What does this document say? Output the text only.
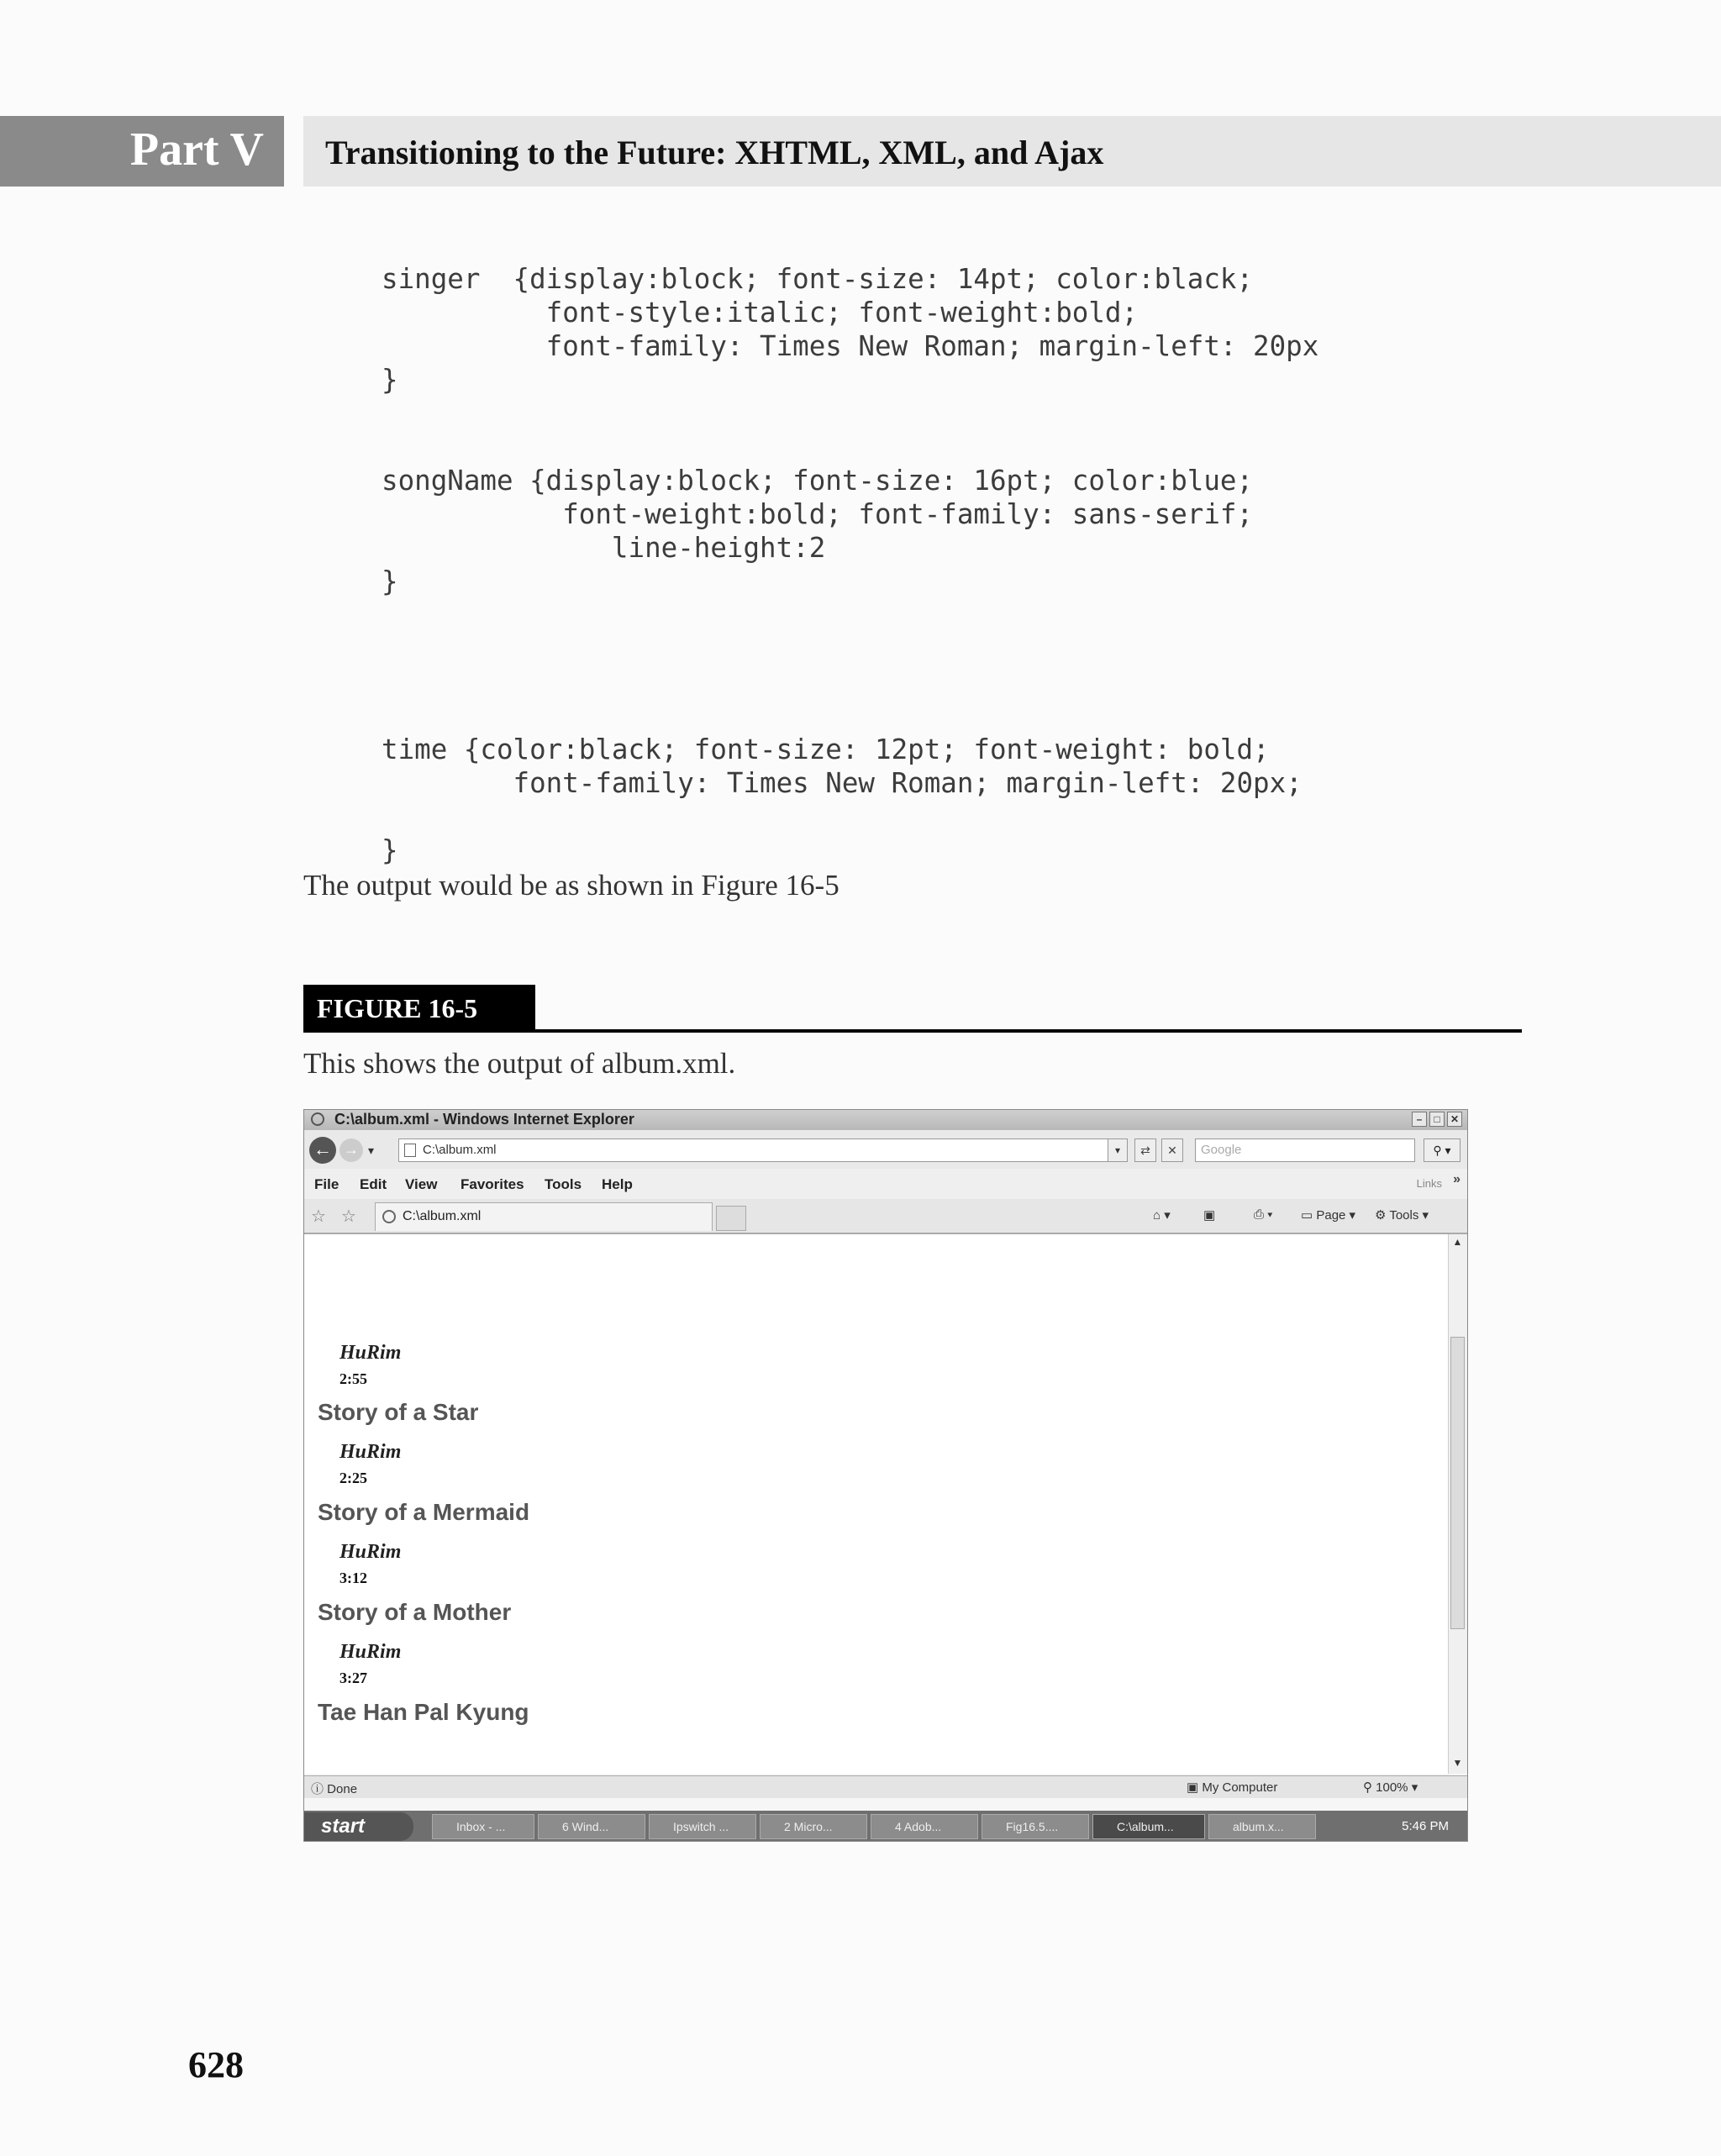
Part V Transitioning to the Future: XHTML, XML, and Ajax
singer  {display:block; font-size: 14pt; color:black;
font-style:italic; font-weight:bold;
font-family: Times New Roman; margin-left: 20px
}

songName {display:block; font-size: 16pt; color:blue;
font-weight:bold; font-family: sans-serif;
line-height:2
}

time {color:black; font-size: 12pt; font-weight: bold;
font-family: Times New Roman; margin-left: 20px;

}
The output would be as shown in Figure 16-5
FIGURE 16-5
This shows the output of album.xml.
C:\album.xml - Windows Internet Explorer	–	□	✕
← → ▾	C:\album.xml	▾	⇄	✕	Google	⚲ ▾
File Edit View Favorites Tools Help	Links »
☆ ☆	C:\album.xml	⌂ ▾	▣	⎙ ▾ ▭ Page ▾ ⚙ Tools ▾
HuRim
2:55
Story of a Star
HuRim
2:25
Story of a Mermaid
HuRim
3:12
Story of a Mother
HuRim
3:27
Tae Han Pal Kyung
▲
▼
ⓘ Done	▣ My Computer	⚲ 100% ▾
start	Inbox - ...	6 Wind...	Ipswitch ...	2 Micro...	4 Adob...	Fig16.5....	C:\album...	album.x...	5:46 PM
628
